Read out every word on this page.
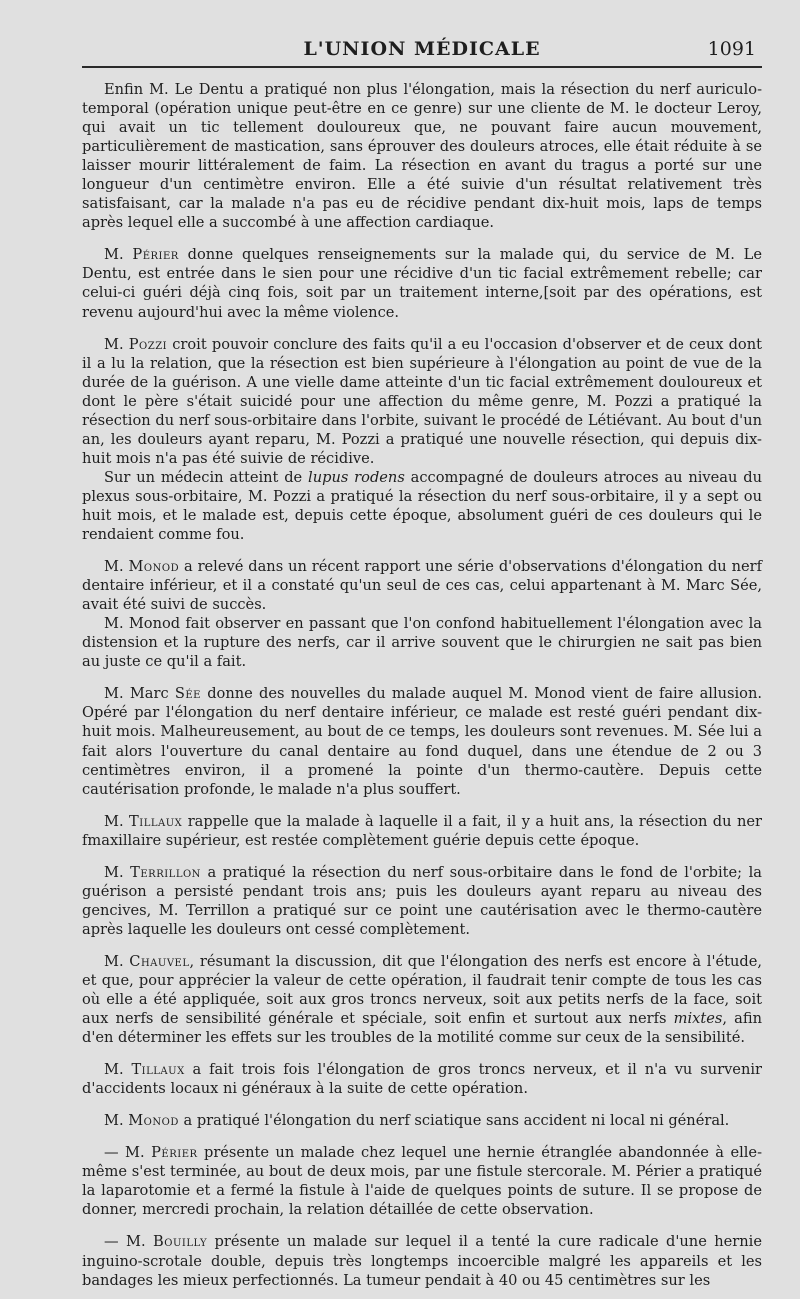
L'UNION MÉDICALE	1091

Enfin M. Le Dentu a pratiqué non plus l'élongation, mais la résection du nerf auriculo-temporal (opération unique peut-être en ce genre) sur une cliente de M. le docteur Leroy, qui avait un tic tellement douloureux que, ne pouvant faire aucun mouvement, particulièrement de mastication, sans éprouver des douleurs atroces, elle était réduite à se laisser mourir littéralement de faim. La résection en avant du tragus a porté sur une longueur d'un centimètre environ. Elle a été suivie d'un résultat relativement très satisfaisant, car la malade n'a pas eu de récidive pendant dix-huit mois, laps de temps après lequel elle a succombé à une affection cardiaque.

M. Périer donne quelques renseignements sur la malade qui, du service de M. Le Dentu, est entrée dans le sien pour une récidive d'un tic facial extrêmement rebelle; car celui-ci guéri déjà cinq fois, soit par un traitement interne,[soit par des opérations, est revenu aujourd'hui avec la même violence.

M. Pozzi croit pouvoir conclure des faits qu'il a eu l'occasion d'observer et de ceux dont il a lu la relation, que la résection est bien supérieure à l'élongation au point de vue de la durée de la guérison. A une vielle dame atteinte d'un tic facial extrêmement douloureux et dont le père s'était suicidé pour une affection du même genre, M. Pozzi a pratiqué la résection du nerf sous-orbitaire dans l'orbite, suivant le procédé de Létiévant. Au bout d'un an, les douleurs ayant reparu, M. Pozzi a pratiqué une nouvelle résection, qui depuis dix-huit mois n'a pas été suivie de récidive.

Sur un médecin atteint de lupus rodens accompagné de douleurs atroces au niveau du plexus sous-orbitaire, M. Pozzi a pratiqué la résection du nerf sous-orbitaire, il y a sept ou huit mois, et le malade est, depuis cette époque, absolument guéri de ces douleurs qui le rendaient comme fou.

M. Monod a relevé dans un récent rapport une série d'observations d'élongation du nerf dentaire inférieur, et il a constaté qu'un seul de ces cas, celui appartenant à M. Marc Sée, avait été suivi de succès.

M. Monod fait observer en passant que l'on confond habituellement l'élongation avec la distension et la rupture des nerfs, car il arrive souvent que le chirurgien ne sait pas bien au juste ce qu'il a fait.

M. Marc Sée donne des nouvelles du malade auquel M. Monod vient de faire allusion. Opéré par l'élongation du nerf dentaire inférieur, ce malade est resté guéri pendant dix-huit mois. Malheureusement, au bout de ce temps, les douleurs sont revenues. M. Sée lui a fait alors l'ouverture du canal dentaire au fond duquel, dans une étendue de 2 ou 3 centimètres environ, il a promené la pointe d'un thermo-cautère. Depuis cette cautérisation profonde, le malade n'a plus souffert.

M. Tillaux rappelle que la malade à laquelle il a fait, il y a huit ans, la résection du ner fmaxillaire supérieur, est restée complètement guérie depuis cette époque.

M. Terrillon a pratiqué la résection du nerf sous-orbitaire dans le fond de l'orbite; la guérison a persisté pendant trois ans; puis les douleurs ayant reparu au niveau des gencives, M. Terrillon a pratiqué sur ce point une cautérisation avec le thermo-cautère après laquelle les douleurs ont cessé complètement.

M. Chauvel, résumant la discussion, dit que l'élongation des nerfs est encore à l'étude, et que, pour apprécier la valeur de cette opération, il faudrait tenir compte de tous les cas où elle a été appliquée, soit aux gros troncs nerveux, soit aux petits nerfs de la face, soit aux nerfs de sensibilité générale et spéciale, soit enfin et surtout aux nerfs mixtes, afin d'en déterminer les effets sur les troubles de la motilité comme sur ceux de la sensibilité.

M. Tillaux a fait trois fois l'élongation de gros troncs nerveux, et il n'a vu survenir d'accidents locaux ni généraux à la suite de cette opération.

M. Monod a pratiqué l'élongation du nerf sciatique sans accident ni local ni général.

— M. Périer présente un malade chez lequel une hernie étranglée abandonnée à elle-même s'est terminée, au bout de deux mois, par une fistule stercorale. M. Périer a pratiqué la laparotomie et a fermé la fistule à l'aide de quelques points de suture. Il se propose de donner, mercredi prochain, la relation détaillée de cette observation.

— M. Bouilly présente un malade sur lequel il a tenté la cure radicale d'une hernie inguino-scrotale double, depuis très longtemps incoercible malgré les appareils et les bandages les mieux perfectionnés. La tumeur pendait à 40 ou 45 centimètres sur les
